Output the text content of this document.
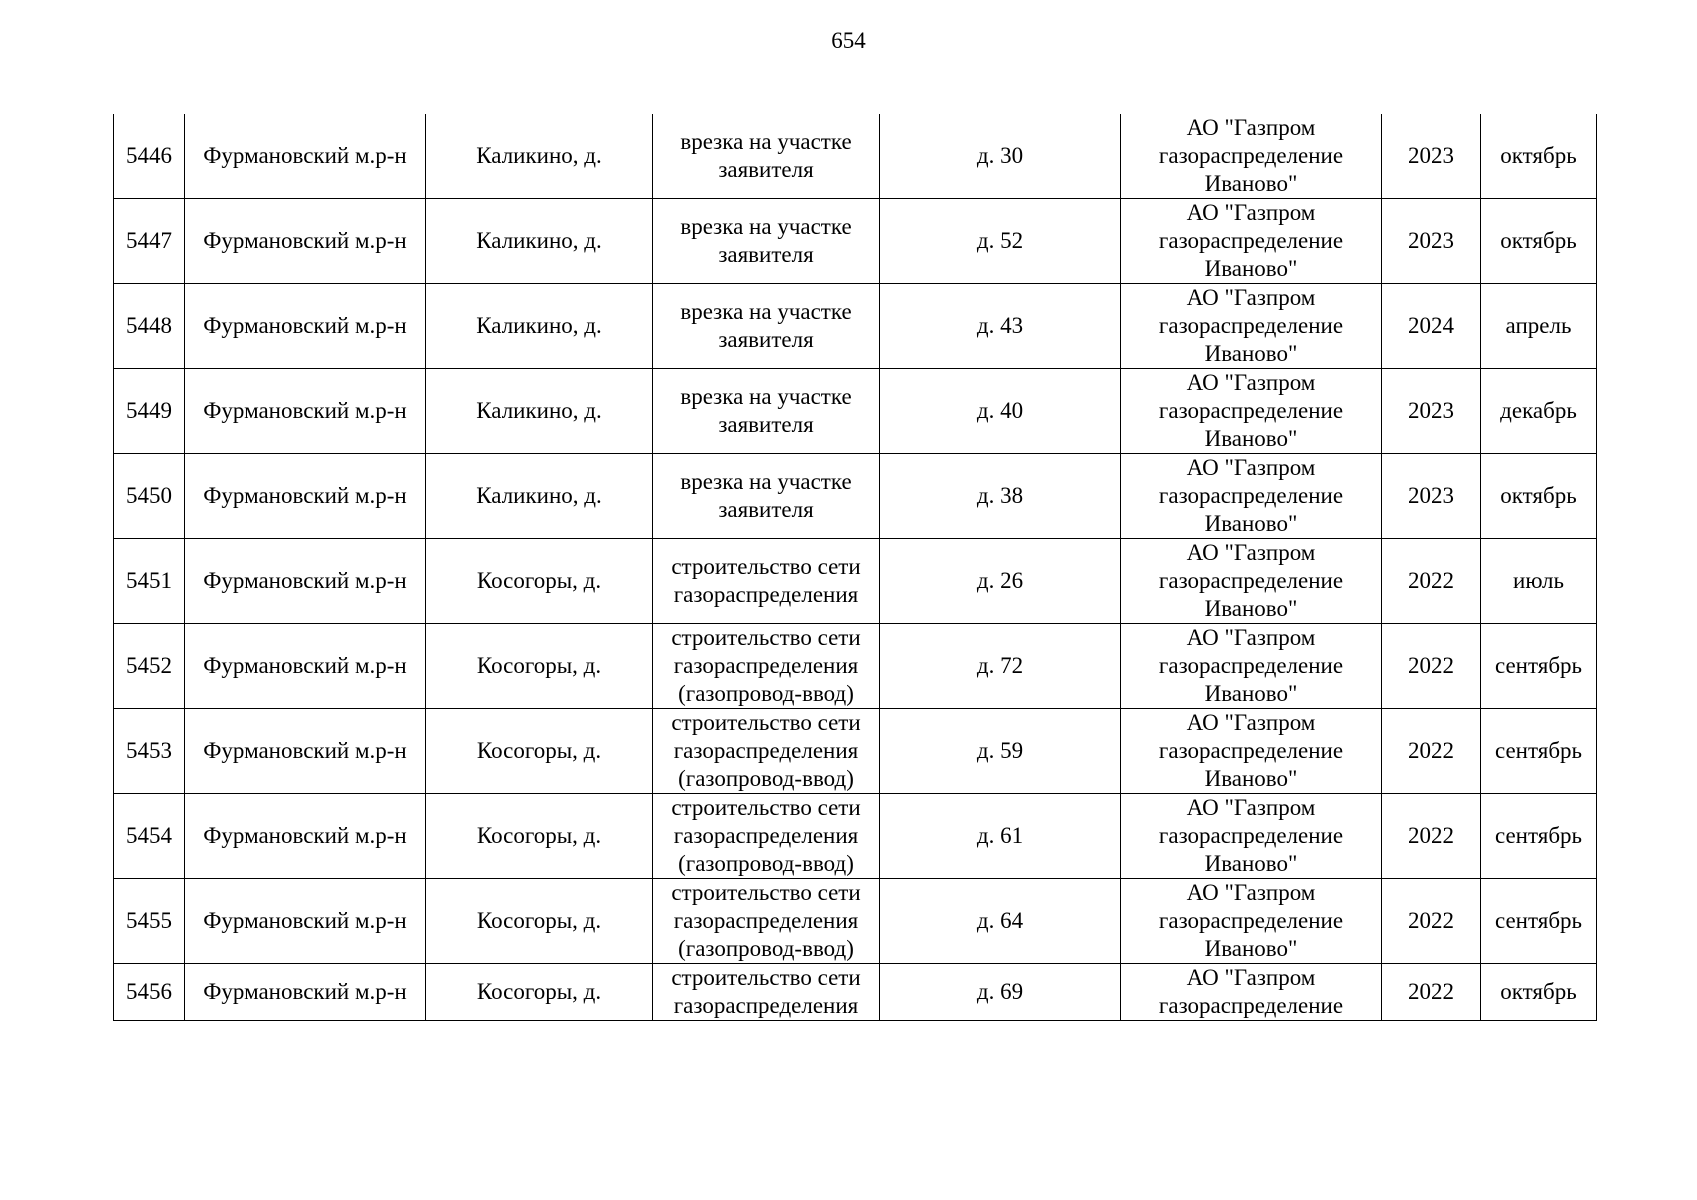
654
5446	Фурмановский м.р-н	Каликино, д.	врезка на участке
заявителя	д. 30	АО "Газпром
газораспределение
Иваново"	2023	октябрь
5447	Фурмановский м.р-н	Каликино, д.	врезка на участке
заявителя	д. 52	АО "Газпром
газораспределение
Иваново"	2023	октябрь
5448	Фурмановский м.р-н	Каликино, д.	врезка на участке
заявителя	д. 43	АО "Газпром
газораспределение
Иваново"	2024	апрель
5449	Фурмановский м.р-н	Каликино, д.	врезка на участке
заявителя	д. 40	АО "Газпром
газораспределение
Иваново"	2023	декабрь
5450	Фурмановский м.р-н	Каликино, д.	врезка на участке
заявителя	д. 38	АО "Газпром
газораспределение
Иваново"	2023	октябрь
5451	Фурмановский м.р-н	Косогоры, д.	строительство сети
газораспределения	д. 26	АО "Газпром
газораспределение
Иваново"	2022	июль
5452	Фурмановский м.р-н	Косогоры, д.	строительство сети
газораспределения
(газопровод-ввод)	д. 72	АО "Газпром
газораспределение
Иваново"	2022	сентябрь
5453	Фурмановский м.р-н	Косогоры, д.	строительство сети
газораспределения
(газопровод-ввод)	д. 59	АО "Газпром
газораспределение
Иваново"	2022	сентябрь
5454	Фурмановский м.р-н	Косогоры, д.	строительство сети
газораспределения
(газопровод-ввод)	д. 61	АО "Газпром
газораспределение
Иваново"	2022	сентябрь
5455	Фурмановский м.р-н	Косогоры, д.	строительство сети
газораспределения
(газопровод-ввод)	д. 64	АО "Газпром
газораспределение
Иваново"	2022	сентябрь
5456	Фурмановский м.р-н	Косогоры, д.	строительство сети
газораспределения	д. 69	АО "Газпром
газораспределение	2022	октябрь
